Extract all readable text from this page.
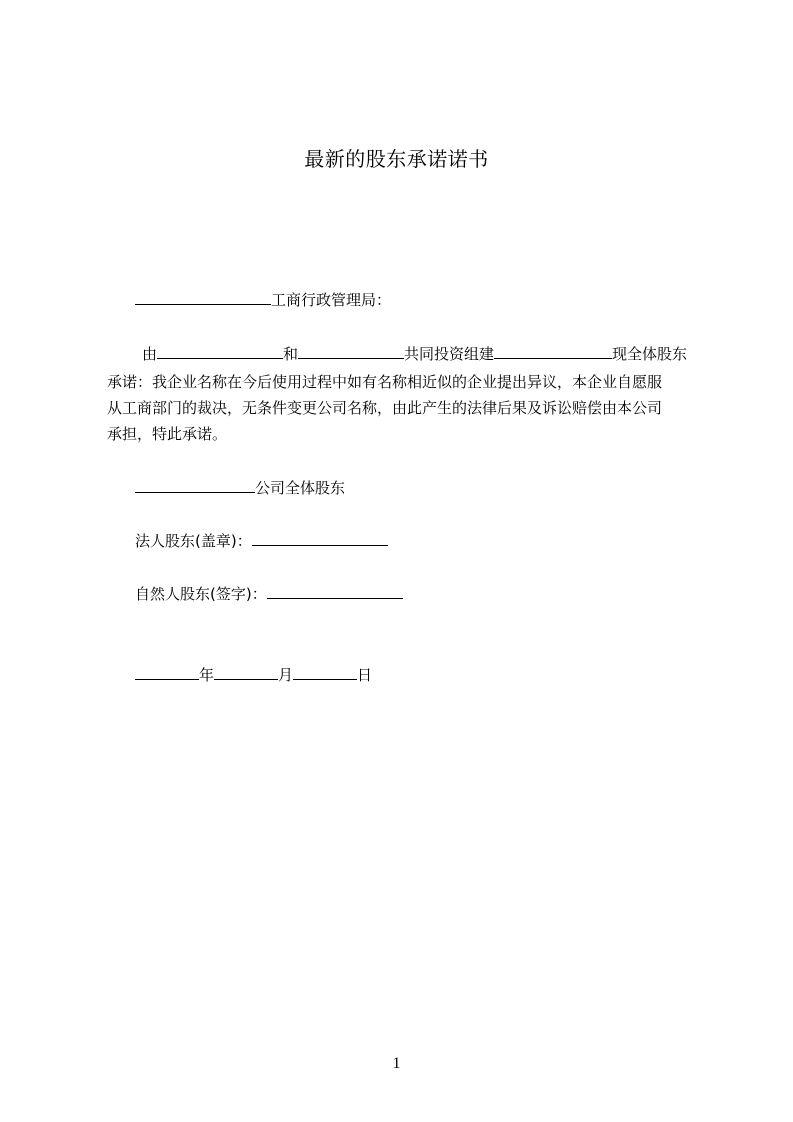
最新的股东承诺诺书
工商行政管理局：
由	和	共同投资组建	现全体股东
承诺：我企业名称在今后使用过程中如有名称相近似的企业提出异议，本企业自愿服
从工商部门的裁决，无条件变更公司名称，由此产生的法律后果及诉讼赔偿由本公司
承担，特此承诺。
公司全体股东
法人股东(盖章)：
自然人股东(签字)：
年	月	日
1
